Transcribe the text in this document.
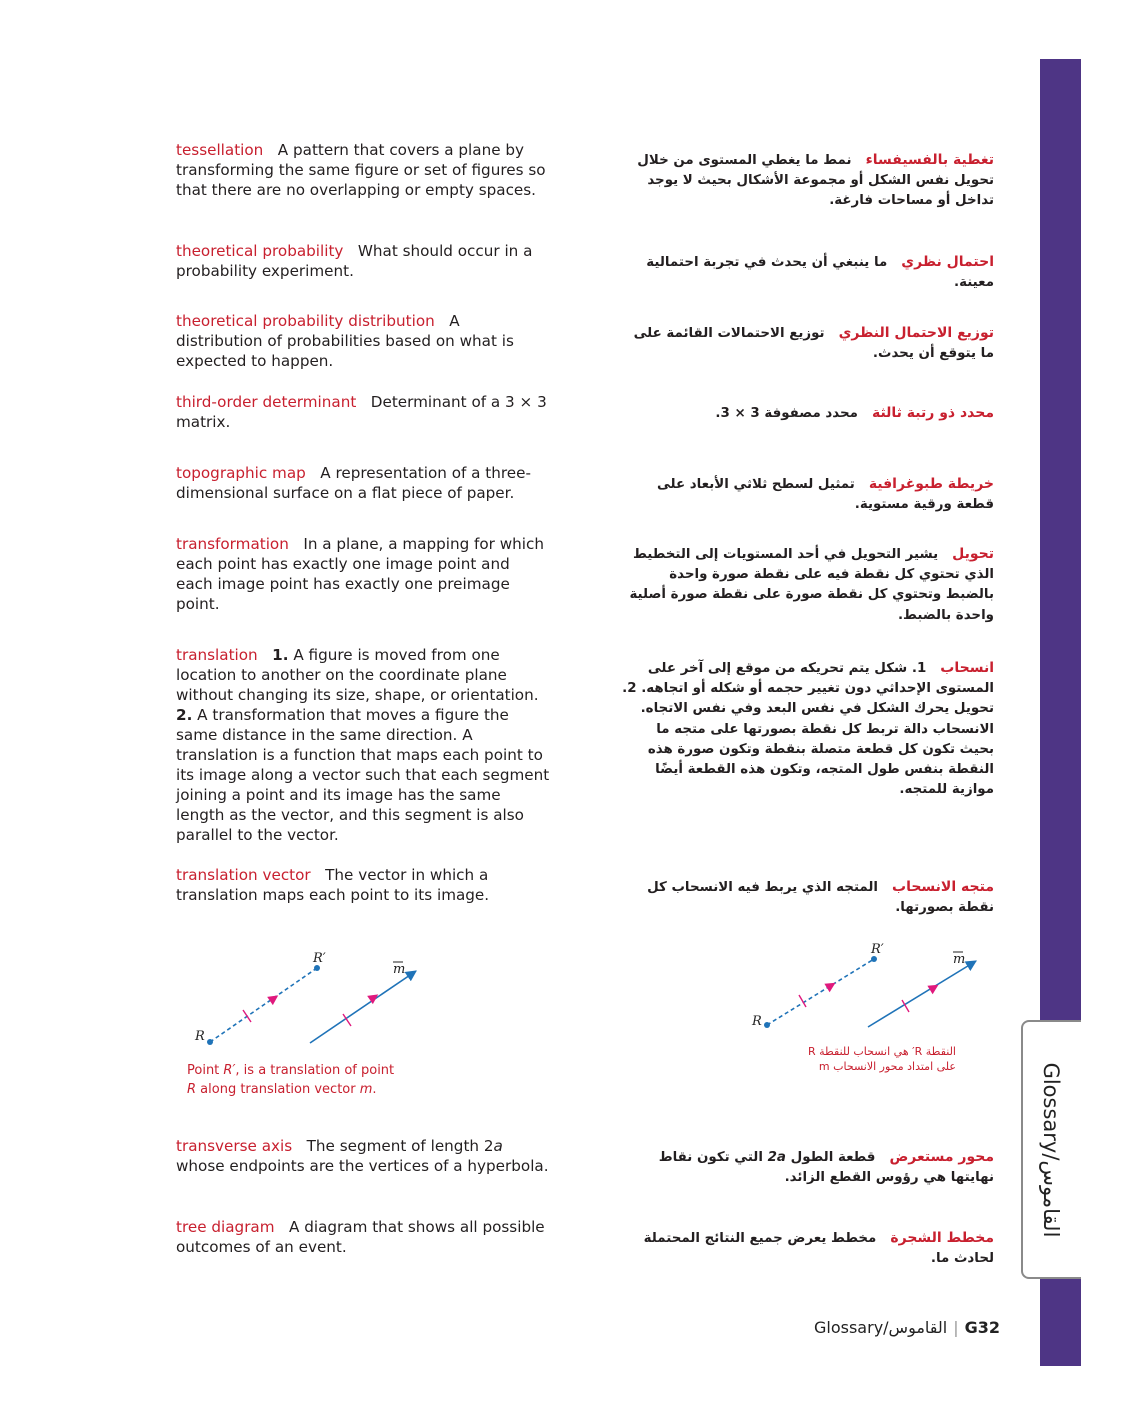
Glossary/القاموس
tessellation A pattern that covers a plane by transforming the same figure or set of figures so that there are no overlapping or empty spaces.
theoretical probability What should occur in a probability experiment.
theoretical probability distribution A distribution of probabilities based on what is expected to happen.
third-order determinant Determinant of a 3 × 3 matrix.
topographic map A representation of a three-dimensional surface on a flat piece of paper.
transformation In a plane, a mapping for which each point has exactly one image point and each image point has exactly one preimage point.
translation 1. A figure is moved from one location to another on the coordinate plane without changing its size, shape, or orientation. 2. A transformation that moves a figure the same distance in the same direction. A translation is a function that maps each point to its image along a vector such that each segment joining a point and its image has the same length as the vector, and this segment is also parallel to the vector.
translation vector The vector in which a translation maps each point to its image.
transverse axis The segment of length 2a whose endpoints are the vertices of a hyperbola.
tree diagram A diagram that shows all possible outcomes of an event.
تغطية بالفسيفساء   نمط ما يغطي المستوى من خلال تحويل نفس الشكل أو مجموعة الأشكال بحيث لا يوجد تداخل أو مساحات فارغة.
احتمال نظري   ما ينبغي أن يحدث في تجربة احتمالية معينة.
توزيع الاحتمال النظري   توزيع الاحتمالات القائمة على ما يتوقع أن يحدث.
محدد ذو رتبة ثالثة   محدد مصفوفة 3 × 3.
خريطة طبوغرافية   تمثيل لسطح ثلاثي الأبعاد على قطعة ورقية مستوية.
تحويل   يشير التحويل في أحد المستويات إلى التخطيط الذي تحتوي كل نقطة فيه على نقطة صورة واحدة بالضبط وتحتوي كل نقطة صورة على نقطة صورة أصلية واحدة بالضبط.
انسحاب   1. شكل يتم تحريكه من موقع إلى آخر على المستوى الإحداثي دون تغيير حجمه أو شكله أو اتجاهه. 2. تحويل يحرك الشكل في نفس البعد وفي نفس الاتجاه. الانسحاب دالة تربط كل نقطة بصورتها على متجه ما بحيث تكون كل قطعة متصلة بنقطة وتكون صورة هذه النقطة بنفس طول المتجه، وتكون هذه القطعة أيضًا موازية للمتجه.
متجه الانسحاب   المتجه الذي يربط فيه الانسحاب كل نقطة بصورتها.
محور مستعرض   قطعة الطول 2a التي تكون نقاط نهايتها هي رؤوس القطع الزائد.
مخطط الشجرة   مخطط يعرض جميع النتائج المحتملة لحادث ما.
R
R′
m
Point R′, is a translation of point
R along translation vector m.
R
R′
m
النقطة R′ هي انسحاب للنقطة R
على امتداد محور الانسحاب m
Glossary/القاموس | G32
